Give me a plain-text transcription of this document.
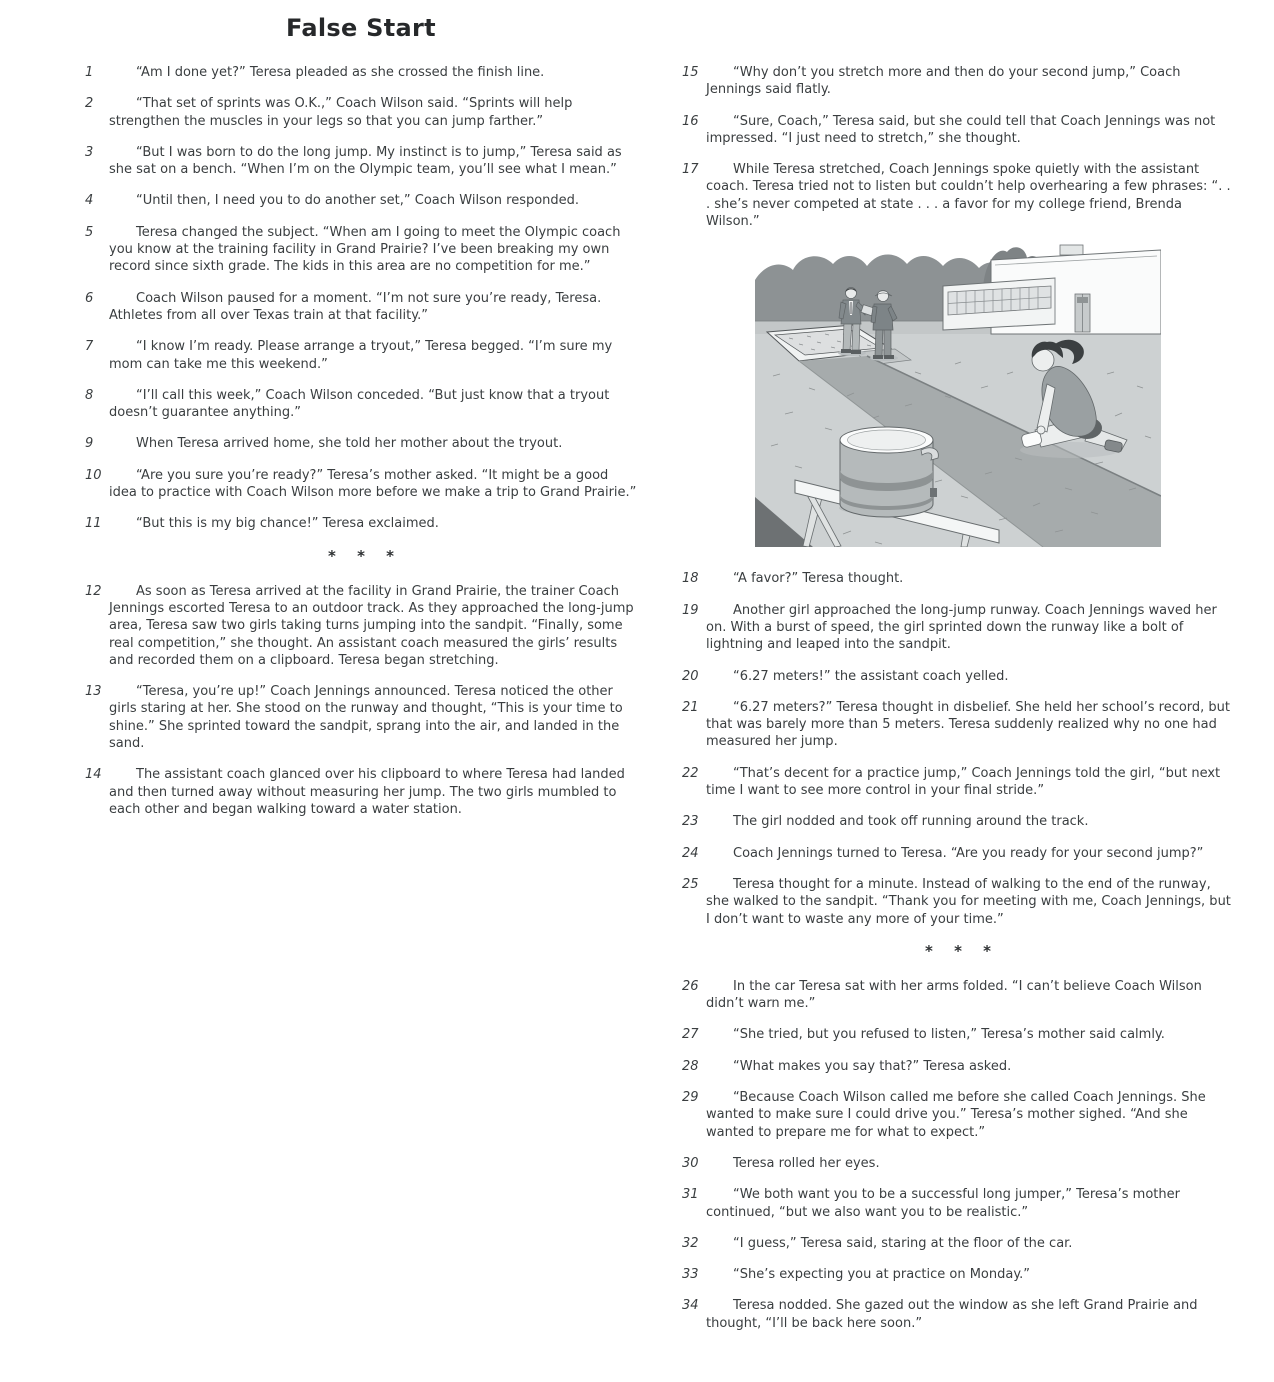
False Start
1	“Am I done yet?” Teresa pleaded as she crossed the finish line.

2	“That set of sprints was O.K.,” Coach Wilson said. “Sprints will help strengthen the muscles in your legs so that you can jump farther.”

3	“But I was born to do the long jump. My instinct is to jump,” Teresa said as she sat on a bench. “When I’m on the Olympic team, you’ll see what I mean.”

4	“Until then, I need you to do another set,” Coach Wilson responded.

5	Teresa changed the subject. “When am I going to meet the Olympic coach you know at the training facility in Grand Prairie? I’ve been breaking my own record since sixth grade. The kids in this area are no competition for me.”

6	Coach Wilson paused for a moment. “I’m not sure you’re ready, Teresa. Athletes from all over Texas train at that facility.”

7	“I know I’m ready. Please arrange a tryout,” Teresa begged. “I’m sure my mom can take me this weekend.”

8	“I’ll call this week,” Coach Wilson conceded. “But just know that a tryout doesn’t guarantee anything.”

9	When Teresa arrived home, she told her mother about the tryout.

10	“Are you sure you’re ready?” Teresa’s mother asked. “It might be a good idea to practice with Coach Wilson more before we make a trip to Grand Prairie.”

11	“But this is my big chance!” Teresa exclaimed.

* * *
12	As soon as Teresa arrived at the facility in Grand Prairie, the trainer Coach Jennings escorted Teresa to an outdoor track. As they approached the long-jump area, Teresa saw two girls taking turns jumping into the sandpit. “Finally, some real competition,” she thought. An assistant coach measured the girls’ results and recorded them on a clipboard. Teresa began stretching.

13	“Teresa, you’re up!” Coach Jennings announced. Teresa noticed the other girls staring at her. She stood on the runway and thought, “This is your time to shine.” She sprinted toward the sandpit, sprang into the air, and landed in the sand.

14	The assistant coach glanced over his clipboard to where Teresa had landed and then turned away without measuring her jump. The two girls mumbled to each other and began walking toward a water station.

15	“Why don’t you stretch more and then do your second jump,” Coach Jennings said flatly.

16	“Sure, Coach,” Teresa said, but she could tell that Coach Jennings was not impressed. “I just need to stretch,” she thought.

17	While Teresa stretched, Coach Jennings spoke quietly with the assistant coach. Teresa tried not to listen but couldn’t help overhearing a few phrases: “. . . she’s never competed at state . . . a favor for my college friend, Brenda Wilson.”

18	“A favor?” Teresa thought.

19	Another girl approached the long-jump runway. Coach Jennings waved her on. With a burst of speed, the girl sprinted down the runway like a bolt of lightning and leaped into the sandpit.

20	“6.27 meters!” the assistant coach yelled.

21	“6.27 meters?” Teresa thought in disbelief. She held her school’s record, but that was barely more than 5 meters. Teresa suddenly realized why no one had measured her jump.

22	“That’s decent for a practice jump,” Coach Jennings told the girl, “but next time I want to see more control in your final stride.”

23	The girl nodded and took off running around the track.

24	Coach Jennings turned to Teresa. “Are you ready for your second jump?”

25	Teresa thought for a minute. Instead of walking to the end of the runway, she walked to the sandpit. “Thank you for meeting with me, Coach Jennings, but I don’t want to waste any more of your time.”

* * *
26	In the car Teresa sat with her arms folded. “I can’t believe Coach Wilson didn’t warn me.”

27	“She tried, but you refused to listen,” Teresa’s mother said calmly.

28	“What makes you say that?” Teresa asked.

29	“Because Coach Wilson called me before she called Coach Jennings. She wanted to make sure I could drive you.” Teresa’s mother sighed. “And she wanted to prepare me for what to expect.”

30	Teresa rolled her eyes.

31	“We both want you to be a successful long jumper,” Teresa’s mother continued, “but we also want you to be realistic.”

32	“I guess,” Teresa said, staring at the floor of the car.

33	“She’s expecting you at practice on Monday.”

34	Teresa nodded. She gazed out the window as she left Grand Prairie and thought, “I’ll be back here soon.”
